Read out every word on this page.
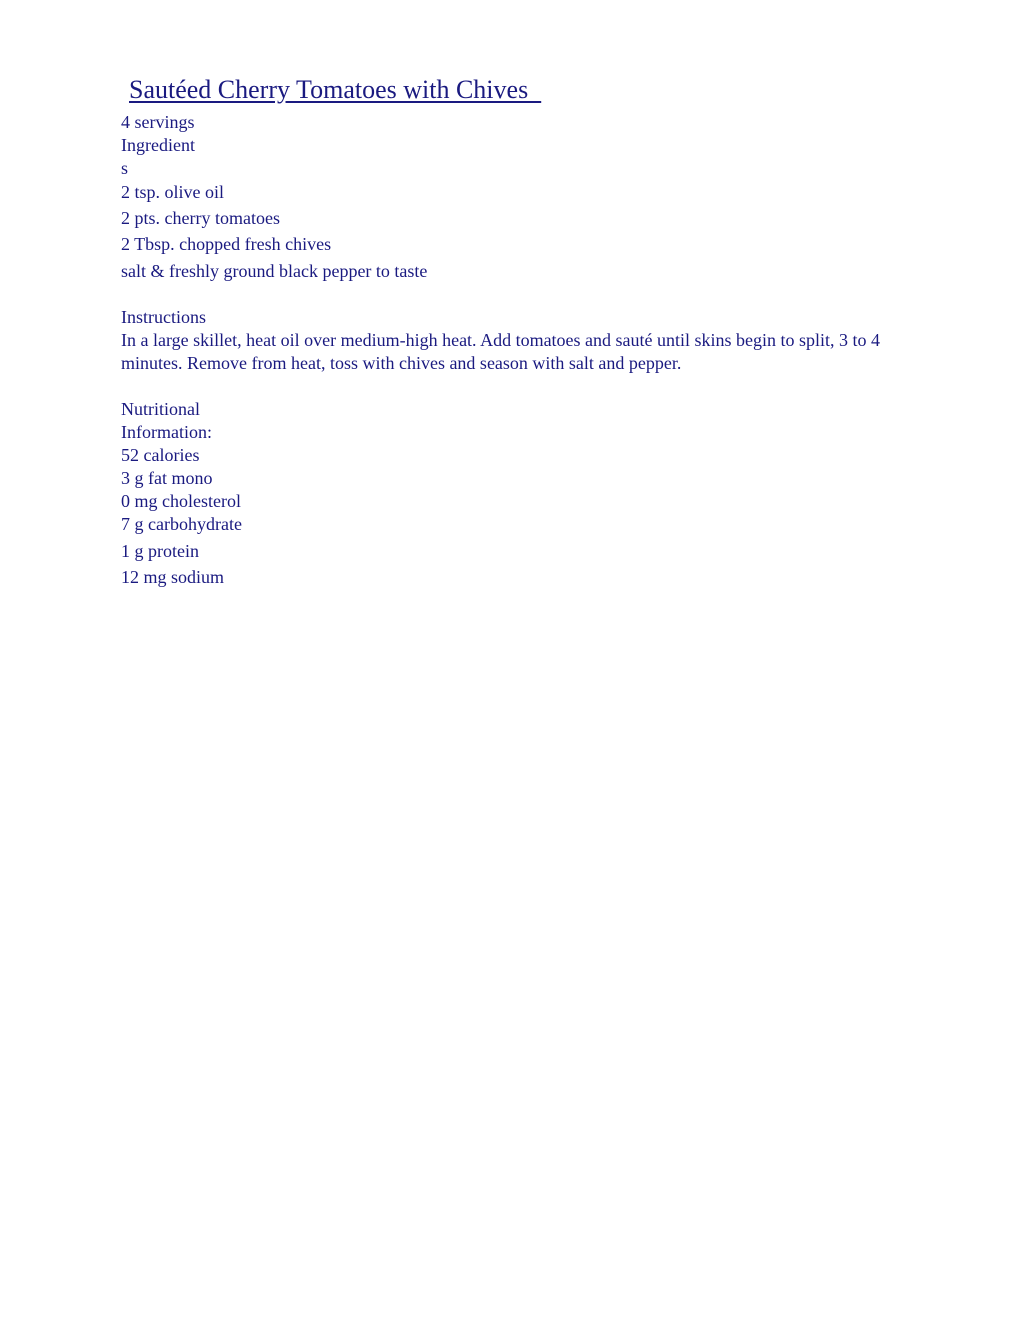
Sautéed Cherry Tomatoes with Chives
4 servings
Ingredient
s
2 tsp. olive oil
2 pts. cherry tomatoes
2 Tbsp. chopped fresh chives
salt & freshly ground black pepper to taste
Instructions
In a large skillet, heat oil over medium-high heat. Add tomatoes and sauté until skins begin to split, 3 to 4 minutes. Remove from heat, toss with chives and season with salt and pepper.
Nutritional
Information:
52 calories
3 g fat mono
0 mg cholesterol
7 g carbohydrate
1 g protein
12 mg sodium
